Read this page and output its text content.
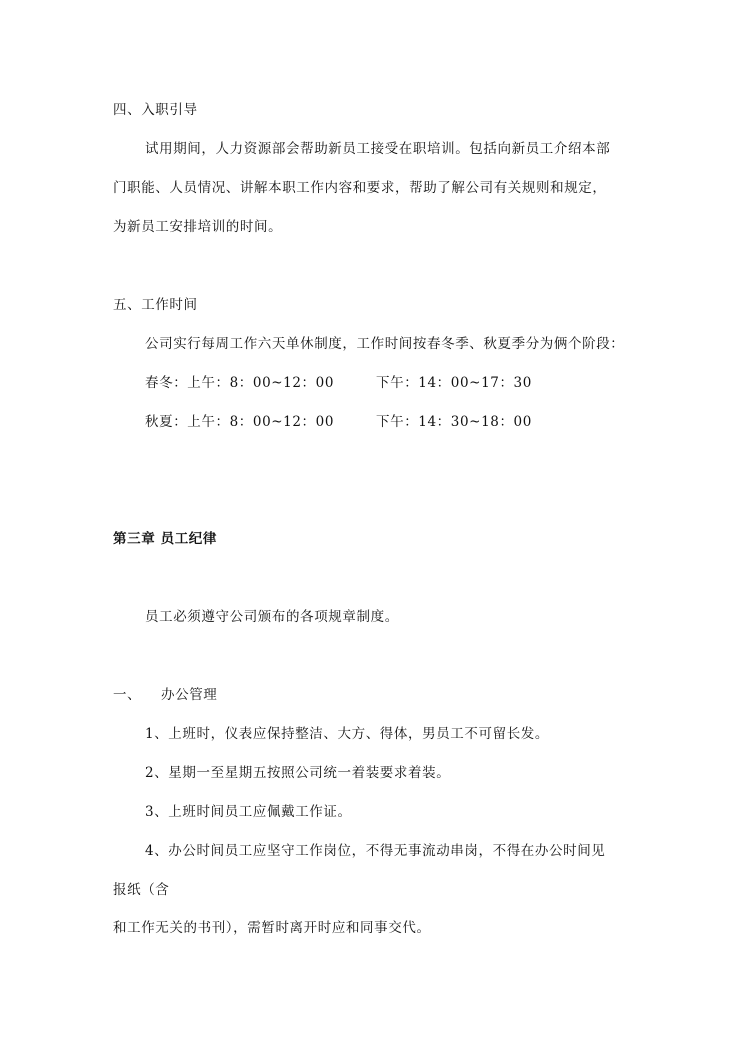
四、入职引导
试用期间，人力资源部会帮助新员工接受在职培训。包括向新员工介绍本部
门职能、人员情况、讲解本职工作内容和要求，帮助了解公司有关规则和规定，
为新员工安排培训的时间。
五、工作时间
公司实行每周工作六天单休制度，工作时间按春冬季、秋夏季分为俩个阶段：
春冬：上午：8：00~12：00	下午：14：00~17：30
秋夏：上午：8：00~12：00	下午：14：30~18：00
第三章 员工纪律
员工必须遵守公司颁布的各项规章制度。
一、 办公管理
1、上班时，仪表应保持整洁、大方、得体，男员工不可留长发。
2、星期一至星期五按照公司统一着装要求着装。
3、上班时间员工应佩戴工作证。
4、办公时间员工应坚守工作岗位，不得无事流动串岗，不得在办公时间见
报纸（含
和工作无关的书刊），需暂时离开时应和同事交代。
